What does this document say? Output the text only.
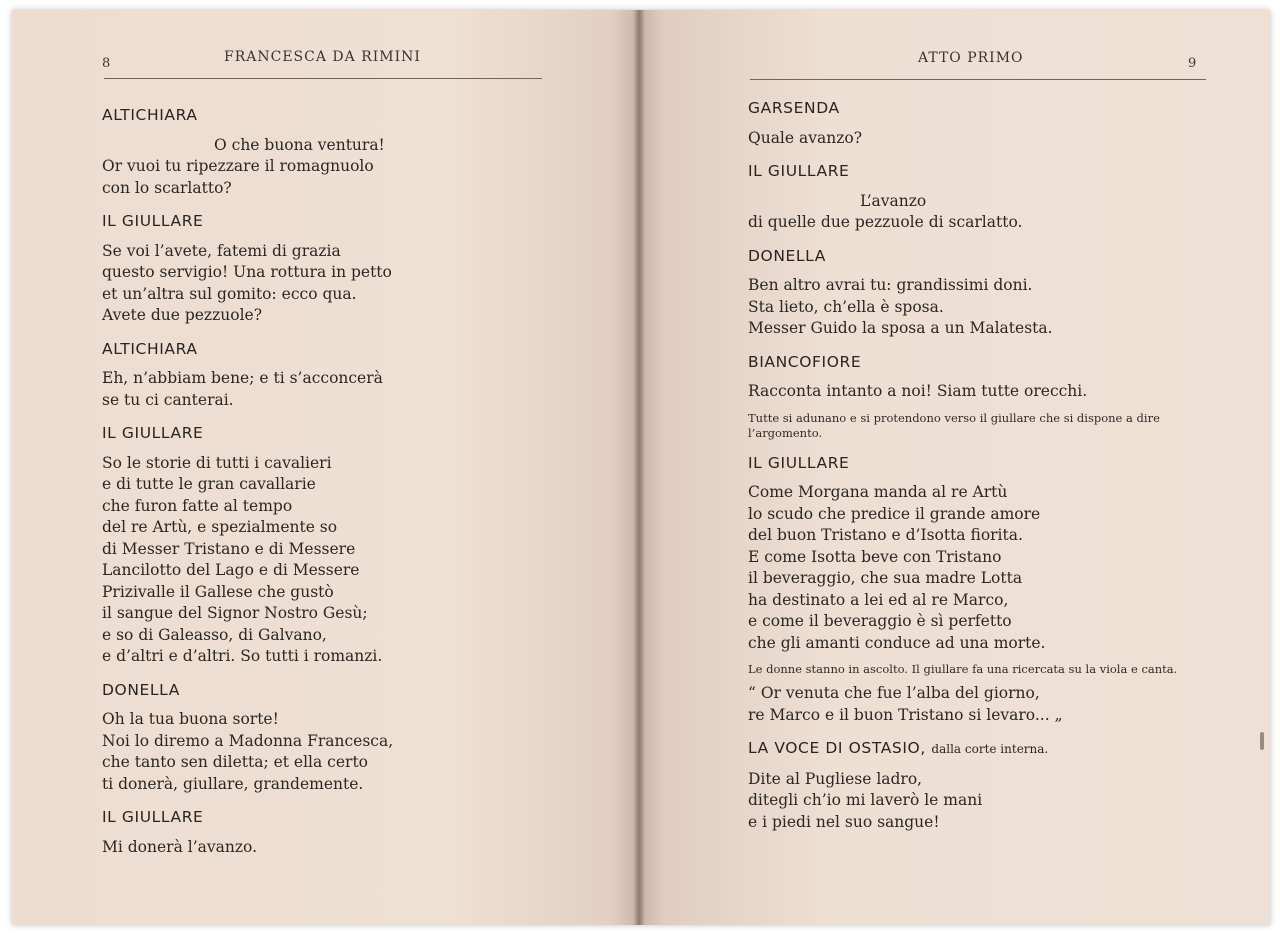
8	FRANCESCA DA RIMINI
ALTICHIARA
O che buona ventura!
Or vuoi tu ripezzare il romagnuolo
con lo scarlatto?
IL GIULLARE
Se voi l’avete, fatemi di grazia
questo servigio! Una rottura in petto
et un’altra sul gomito: ecco qua.
Avete due pezzuole?
ALTICHIARA
Eh, n’abbiam bene; e ti s’acconcerà
se tu ci canterai.
IL GIULLARE
So le storie di tutti i cavalieri
e di tutte le gran cavallarie
che furon fatte al tempo
del re Artù, e spezialmente so
di Messer Tristano e di Messere
Lancilotto del Lago e di Messere
Prizivalle il Gallese che gustò
il sangue del Signor Nostro Gesù;
e so di Galeasso, di Galvano,
e d’altri e d’altri. So tutti i romanzi.
DONELLA
Oh la tua buona sorte!
Noi lo diremo a Madonna Francesca,
che tanto sen diletta; et ella certo
ti donerà, giullare, grandemente.
IL GIULLARE
Mi donerà l’avanzo.
ATTO PRIMO	9
GARSENDA
Quale avanzo?
IL GIULLARE
L’avanzo
di quelle due pezzuole di scarlatto.
DONELLA
Ben altro avrai tu: grandissimi doni.
Sta lieto, ch’ella è sposa.
Messer Guido la sposa a un Malatesta.
BIANCOFIORE
Racconta intanto a noi! Siam tutte orecchi.
Tutte si adunano e si protendono verso il giullare che si dispone a dire l’argomento.
IL GIULLARE
Come Morgana manda al re Artù
lo scudo che predice il grande amore
del buon Tristano e d’Isotta fiorita.
E come Isotta beve con Tristano
il beveraggio, che sua madre Lotta
ha destinato a lei ed al re Marco,
e come il beveraggio è sì perfetto
che gli amanti conduce ad una morte.
Le donne stanno in ascolto. Il giullare fa una ricercata su la viola e canta.
“ Or venuta che fue l’alba del giorno,
re Marco e il buon Tristano si levaro... „
LA VOCE DI OSTASIO, dalla corte interna.
Dite al Pugliese ladro,
ditegli ch’io mi laverò le mani
e i piedi nel suo sangue!
